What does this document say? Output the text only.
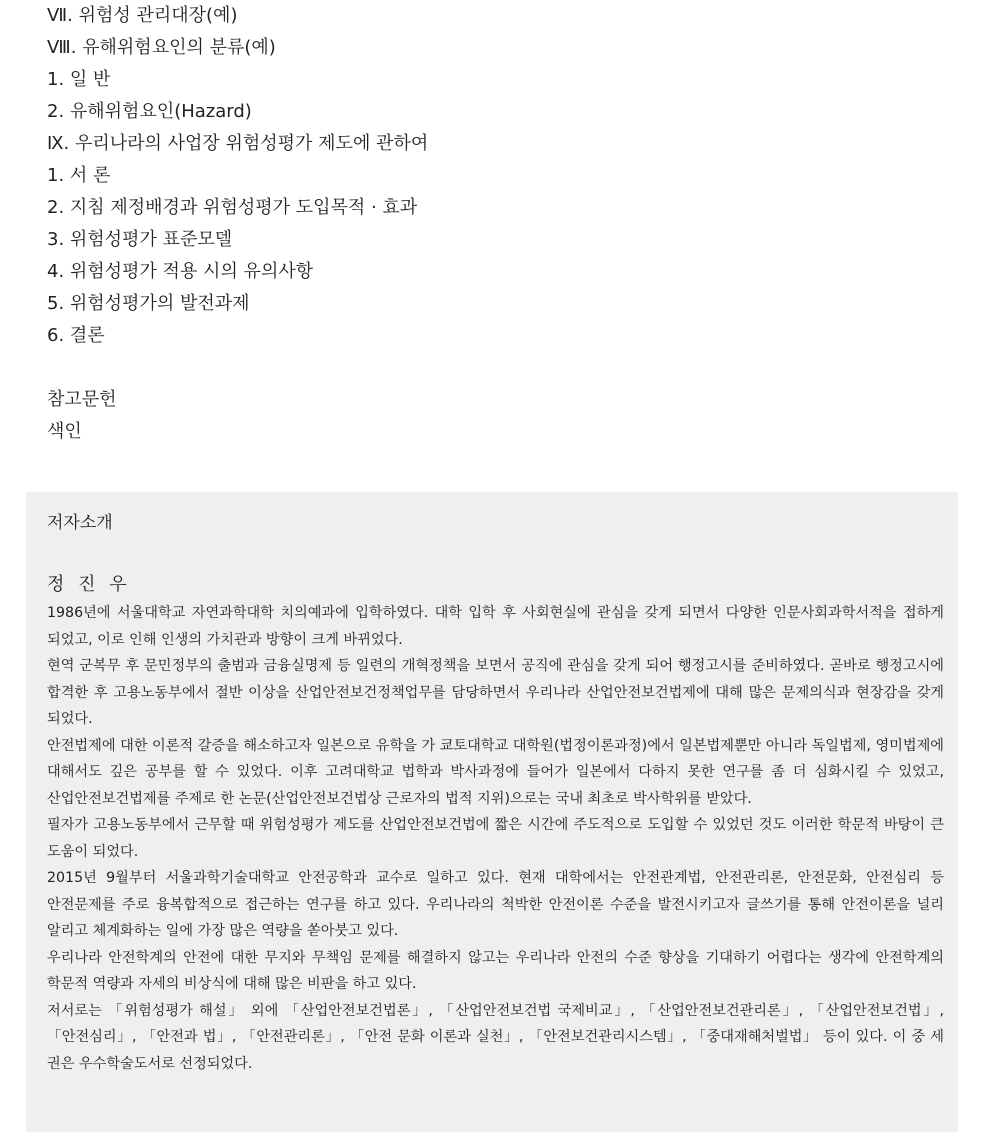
Ⅶ. 위험성 관리대장(예)
Ⅷ. 유해위험요인의 분류(예)
1. 일 반
2. 유해위험요인(Hazard)
Ⅸ. 우리나라의 사업장 위험성평가 제도에 관하여
1. 서 론
2. 지침 제정배경과 위험성평가 도입목적 · 효과
3. 위험성평가 표준모델
4. 위험성평가 적용 시의 유의사항
5. 위험성평가의 발전과제
6. 결론
참고문헌
색인
저자소개
정 진 우

1986년에 서울대학교 자연과학대학 치의예과에 입학하였다. 대학 입학 후 사회현실에 관심을 갖게 되면서 다양한 인문사회과학서적을 접하게 되었고, 이로 인해 인생의 가치관과 방향이 크게 바뀌었다.

현역 군복무 후 문민정부의 출범과 금융실명제 등 일련의 개혁정책을 보면서 공직에 관심을 갖게 되어 행정고시를 준비하였다. 곧바로 행정고시에 합격한 후 고용노동부에서 절반 이상을 산업안전보건정책업무를 담당하면서 우리나라 산업안전보건법제에 대해 많은 문제의식과 현장감을 갖게 되었다.

안전법제에 대한 이론적 갈증을 해소하고자 일본으로 유학을 가 쿄토대학교 대학원(법정이론과정)에서 일본법제뿐만 아니라 독일법제, 영미법제에 대해서도 깊은 공부를 할 수 있었다. 이후 고려대학교 법학과 박사과정에 들어가 일본에서 다하지 못한 연구를 좀 더 심화시킬 수 있었고, 산업안전보건법제를 주제로 한 논문(산업안전보건법상 근로자의 법적 지위)으로는 국내 최초로 박사학위를 받았다.

필자가 고용노동부에서 근무할 때 위험성평가 제도를 산업안전보건법에 짧은 시간에 주도적으로 도입할 수 있었던 것도 이러한 학문적 바탕이 큰 도움이 되었다.

2015년 9월부터 서울과학기술대학교 안전공학과 교수로 일하고 있다. 현재 대학에서는 안전관계법, 안전관리론, 안전문화, 안전심리 등 안전문제를 주로 융복합적으로 접근하는 연구를 하고 있다. 우리나라의 척박한 안전이론 수준을 발전시키고자 글쓰기를 통해 안전이론을 널리 알리고 체계화하는 일에 가장 많은 역량을 쏟아붓고 있다.

우리나라 안전학계의 안전에 대한 무지와 무책임 문제를 해결하지 않고는 우리나라 안전의 수준 향상을 기대하기 어렵다는 생각에 안전학계의 학문적 역량과 자세의 비상식에 대해 많은 비판을 하고 있다.

저서로는 「위험성평가 해설」 외에 「산업안전보건법론」, 「산업안전보건법 국제비교」, 「산업안전보건관리론」, 「산업안전보건법」, 「안전심리」, 「안전과 법」, 「안전관리론」, 「안전 문화 이론과 실천」, 「안전보건관리시스템」, 「중대재해처벌법」 등이 있다. 이 중 세 권은 우수학술도서로 선정되었다.
